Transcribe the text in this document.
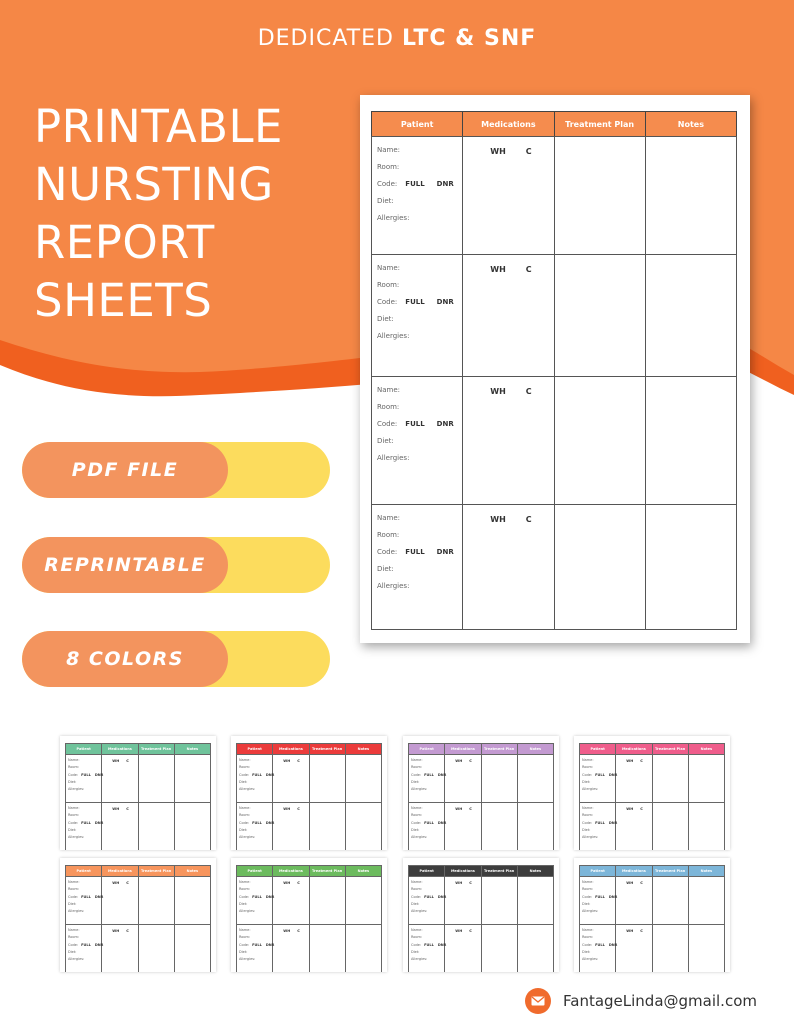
DEDICATED LTC & SNF
PRINTABLE
NURSTING
REPORT
SHEETS
PDF FILE
REPRINTABLE
8 COLORS
Patient	Medications	Treatment Plan	Notes

Name:
Room:
Code: FULL DNR
Diet:
Allergies:	WH C		

Name:
Room:
Code: FULL DNR
Diet:
Allergies:	WH C		

Name:
Room:
Code: FULL DNR
Diet:
Allergies:	WH C		

Name:
Room:
Code: FULL DNR
Diet:
Allergies:	WH C		

Patient	Medications	Treatment Plan	Notes

Name:
Room:
Code: FULL DNR
Diet:
Allergies:	WH C		

Name:
Room:
Code: FULL DNR
Diet:
Allergies:	WH C		

Patient	Medications	Treatment Plan	Notes

Name:
Room:
Code: FULL DNR
Diet:
Allergies:	WH C		

Name:
Room:
Code: FULL DNR
Diet:
Allergies:	WH C		

Patient	Medications	Treatment Plan	Notes

Name:
Room:
Code: FULL DNR
Diet:
Allergies:	WH C		

Name:
Room:
Code: FULL DNR
Diet:
Allergies:	WH C		

Patient	Medications	Treatment Plan	Notes

Name:
Room:
Code: FULL DNR
Diet:
Allergies:	WH C		

Name:
Room:
Code: FULL DNR
Diet:
Allergies:	WH C		

Patient	Medications	Treatment Plan	Notes

Name:
Room:
Code: FULL DNR
Diet:
Allergies:	WH C		

Name:
Room:
Code: FULL DNR
Diet:
Allergies:	WH C		

Patient	Medications	Treatment Plan	Notes

Name:
Room:
Code: FULL DNR
Diet:
Allergies:	WH C		

Name:
Room:
Code: FULL DNR
Diet:
Allergies:	WH C		

Patient	Medications	Treatment Plan	Notes

Name:
Room:
Code: FULL DNR
Diet:
Allergies:	WH C		

Name:
Room:
Code: FULL DNR
Diet:
Allergies:	WH C		

Patient	Medications	Treatment Plan	Notes

Name:
Room:
Code: FULL DNR
Diet:
Allergies:	WH C		

Name:
Room:
Code: FULL DNR
Diet:
Allergies:	WH C		

FantageLinda@gmail.com
